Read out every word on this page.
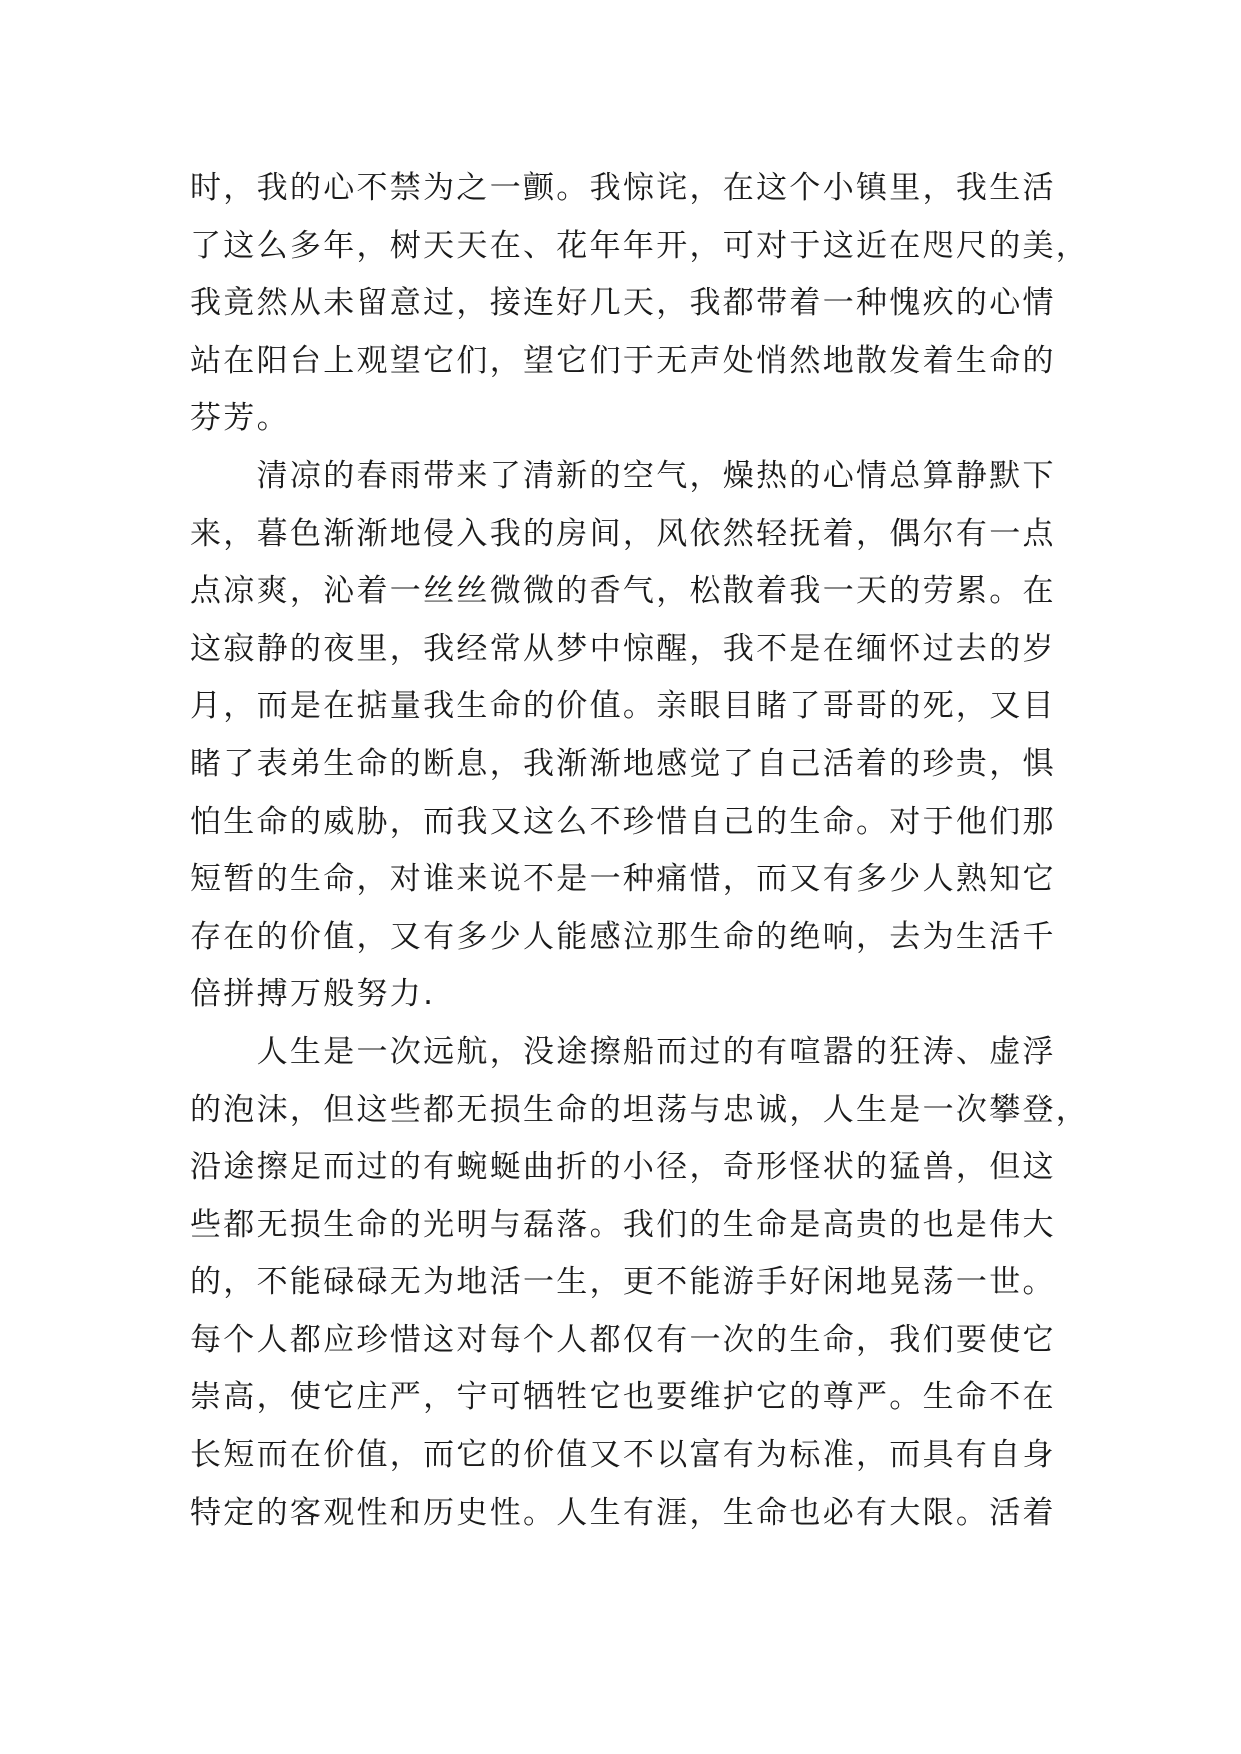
时，我的心不禁为之一颤。我惊诧，在这个小镇里，我生活
了这么多年，树天天在、花年年开，可对于这近在咫尺的美，
我竟然从未留意过，接连好几天，我都带着一种愧疚的心情
站在阳台上观望它们，望它们于无声处悄然地散发着生命的
芬芳。
　　清凉的春雨带来了清新的空气，燥热的心情总算静默下
来，暮色渐渐地侵入我的房间，风依然轻抚着，偶尔有一点
点凉爽，沁着一丝丝微微的香气，松散着我一天的劳累。在
这寂静的夜里，我经常从梦中惊醒，我不是在缅怀过去的岁
月，而是在掂量我生命的价值。亲眼目睹了哥哥的死，又目
睹了表弟生命的断息，我渐渐地感觉了自己活着的珍贵，惧
怕生命的威胁，而我又这么不珍惜自己的生命。对于他们那
短暂的生命，对谁来说不是一种痛惜，而又有多少人熟知它
存在的价值，又有多少人能感泣那生命的绝响，去为生活千
倍拼搏万般努力.
　　人生是一次远航，没途擦船而过的有喧嚣的狂涛、虚浮
的泡沫，但这些都无损生命的坦荡与忠诚，人生是一次攀登，
沿途擦足而过的有蜿蜒曲折的小径，奇形怪状的猛兽，但这
些都无损生命的光明与磊落。我们的生命是高贵的也是伟大
的，不能碌碌无为地活一生，更不能游手好闲地晃荡一世。
每个人都应珍惜这对每个人都仅有一次的生命，我们要使它
崇高，使它庄严，宁可牺牲它也要维护它的尊严。生命不在
长短而在价值，而它的价值又不以富有为标准，而具有自身
特定的客观性和历史性。人生有涯，生命也必有大限。活着
